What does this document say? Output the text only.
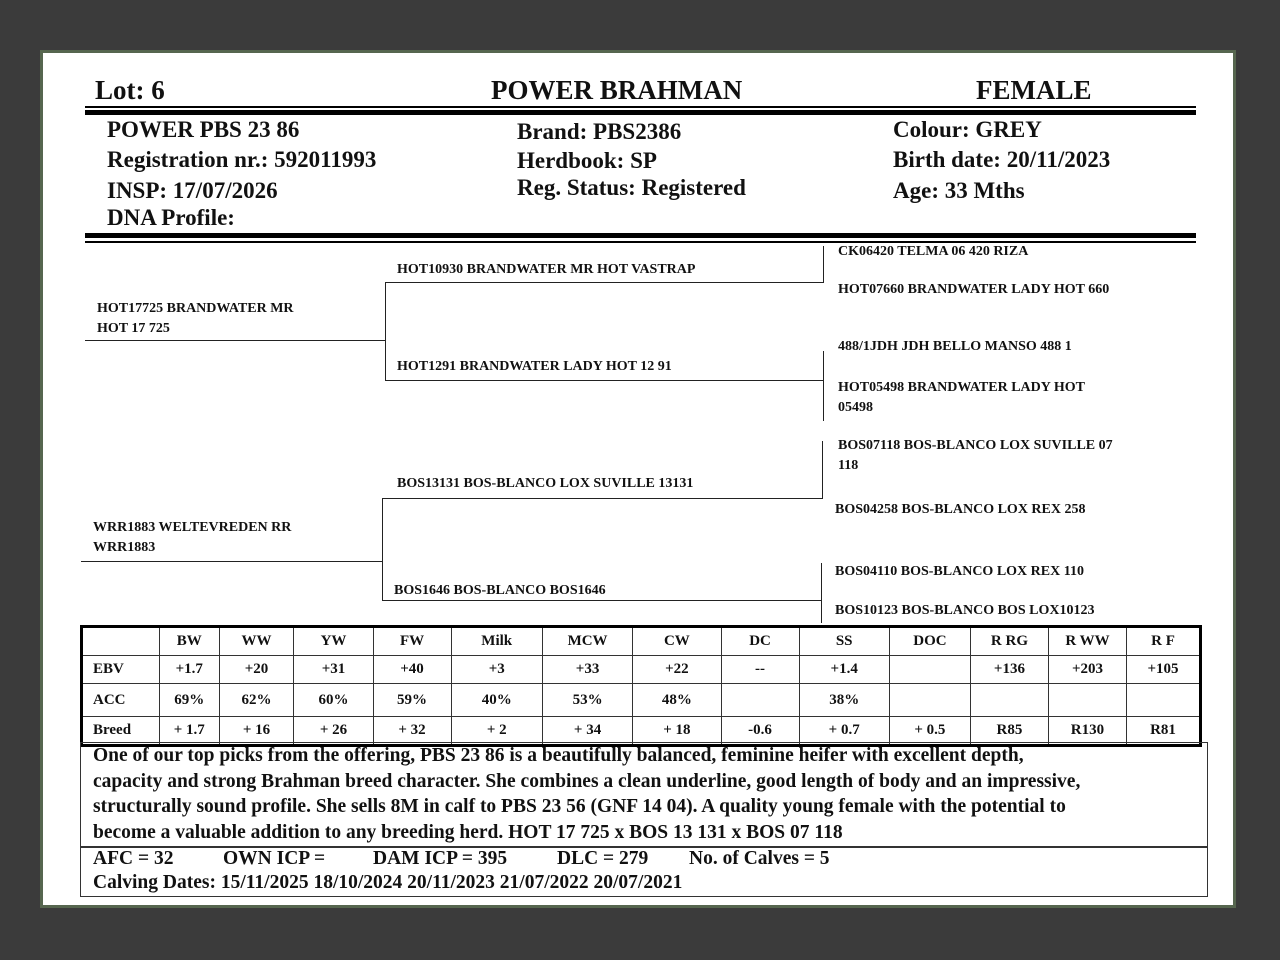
Lot: 6	POWER BRAHMAN	FEMALE
POWER PBS 23 86
Registration nr.: 592011993
INSP: 17/07/2026
DNA Profile:
Brand: PBS2386
Herdbook: SP
Reg. Status: Registered
Colour: GREY
Birth date: 20/11/2023
Age: 33 Mths
HOT17725 BRANDWATER MR
HOT 17 725
WRR1883 WELTEVREDEN RR
WRR1883
HOT10930 BRANDWATER MR HOT VASTRAP
HOT1291 BRANDWATER LADY HOT 12 91
BOS13131 BOS-BLANCO LOX SUVILLE 13131
BOS1646 BOS-BLANCO BOS1646
CK06420 TELMA 06 420 RIZA
HOT07660 BRANDWATER LADY HOT 660
488/1JDH JDH BELLO MANSO 488 1
HOT05498 BRANDWATER LADY HOT
05498
BOS07118 BOS-BLANCO LOX SUVILLE 07
118
BOS04258 BOS-BLANCO LOX REX 258
BOS04110 BOS-BLANCO LOX REX 110
BOS10123 BOS-BLANCO BOS LOX10123
	BW	WW	YW	FW	Milk	MCW	CW	DC	SS	DOC	R RG	R WW	R F
EBV	+1.7	+20	+31	+40	+3	+33	+22	--	+1.4		+136	+203	+105
ACC	69%	62%	60%	59%	40%	53%	48%		38%				
Breed	+ 1.7	+ 16	+ 26	+ 32	+ 2	+ 34	+ 18	-0.6	+ 0.7	+ 0.5	R85	R130	R81
One of our top picks from the offering, PBS 23 86 is a beautifully balanced, feminine heifer with excellent depth,
capacity and strong Brahman breed character. She combines a clean underline, good length of body and an impressive,
structurally sound profile. She sells 8M in calf to PBS 23 56 (GNF 14 04). A quality young female with the potential to
become a valuable addition to any breeding herd. HOT 17 725 x BOS 13 131 x BOS 07 118
AFC = 32	OWN ICP = DAM ICP = 395	DLC = 279 No. of Calves = 5
Calving Dates: 15/11/2025 18/10/2024 20/11/2023 21/07/2022 20/07/2021
